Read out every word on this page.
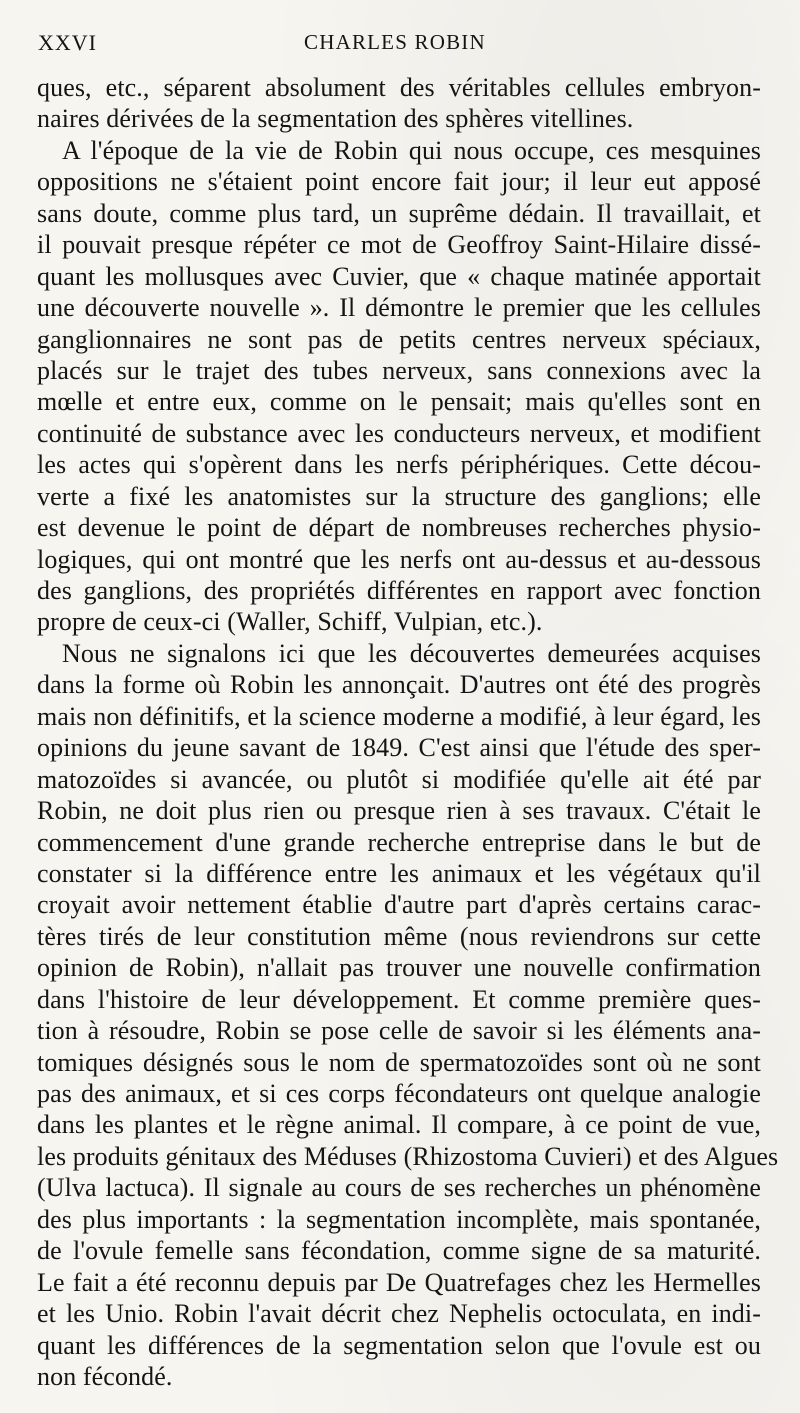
XXVI	CHARLES ROBIN
ques, etc., séparent absolument des véritables cellules embryon-
naires dérivées de la segmentation des sphères vitellines.
A l'époque de la vie de Robin qui nous occupe, ces mesquines
oppositions ne s'étaient point encore fait jour; il leur eut apposé
sans doute, comme plus tard, un suprême dédain. Il travaillait, et
il pouvait presque répéter ce mot de Geoffroy Saint-Hilaire dissé-
quant les mollusques avec Cuvier, que « chaque matinée apportait
une découverte nouvelle ». Il démontre le premier que les cellules
ganglionnaires ne sont pas de petits centres nerveux spéciaux,
placés sur le trajet des tubes nerveux, sans connexions avec la
mœlle et entre eux, comme on le pensait; mais qu'elles sont en
continuité de substance avec les conducteurs nerveux, et modifient
les actes qui s'opèrent dans les nerfs périphériques. Cette décou-
verte a fixé les anatomistes sur la structure des ganglions; elle
est devenue le point de départ de nombreuses recherches physio-
logiques, qui ont montré que les nerfs ont au-dessus et au-dessous
des ganglions, des propriétés différentes en rapport avec fonction
propre de ceux-ci (Waller, Schiff, Vulpian, etc.).
Nous ne signalons ici que les découvertes demeurées acquises
dans la forme où Robin les annonçait. D'autres ont été des progrès
mais non définitifs, et la science moderne a modifié, à leur égard, les
opinions du jeune savant de 1849. C'est ainsi que l'étude des sper-
matozoïdes si avancée, ou plutôt si modifiée qu'elle ait été par
Robin, ne doit plus rien ou presque rien à ses travaux. C'était le
commencement d'une grande recherche entreprise dans le but de
constater si la différence entre les animaux et les végétaux qu'il
croyait avoir nettement établie d'autre part d'après certains carac-
tères tirés de leur constitution même (nous reviendrons sur cette
opinion de Robin), n'allait pas trouver une nouvelle confirmation
dans l'histoire de leur développement. Et comme première ques-
tion à résoudre, Robin se pose celle de savoir si les éléments ana-
tomiques désignés sous le nom de spermatozoïdes sont où ne sont
pas des animaux, et si ces corps fécondateurs ont quelque analogie
dans les plantes et le règne animal. Il compare, à ce point de vue,
les produits génitaux des Méduses (Rhizostoma Cuvieri) et des Algues
(Ulva lactuca). Il signale au cours de ses recherches un phénomène
des plus importants : la segmentation incomplète, mais spontanée,
de l'ovule femelle sans fécondation, comme signe de sa maturité.
Le fait a été reconnu depuis par De Quatrefages chez les Hermelles
et les Unio. Robin l'avait décrit chez Nephelis octoculata, en indi-
quant les différences de la segmentation selon que l'ovule est ou
non fécondé.
